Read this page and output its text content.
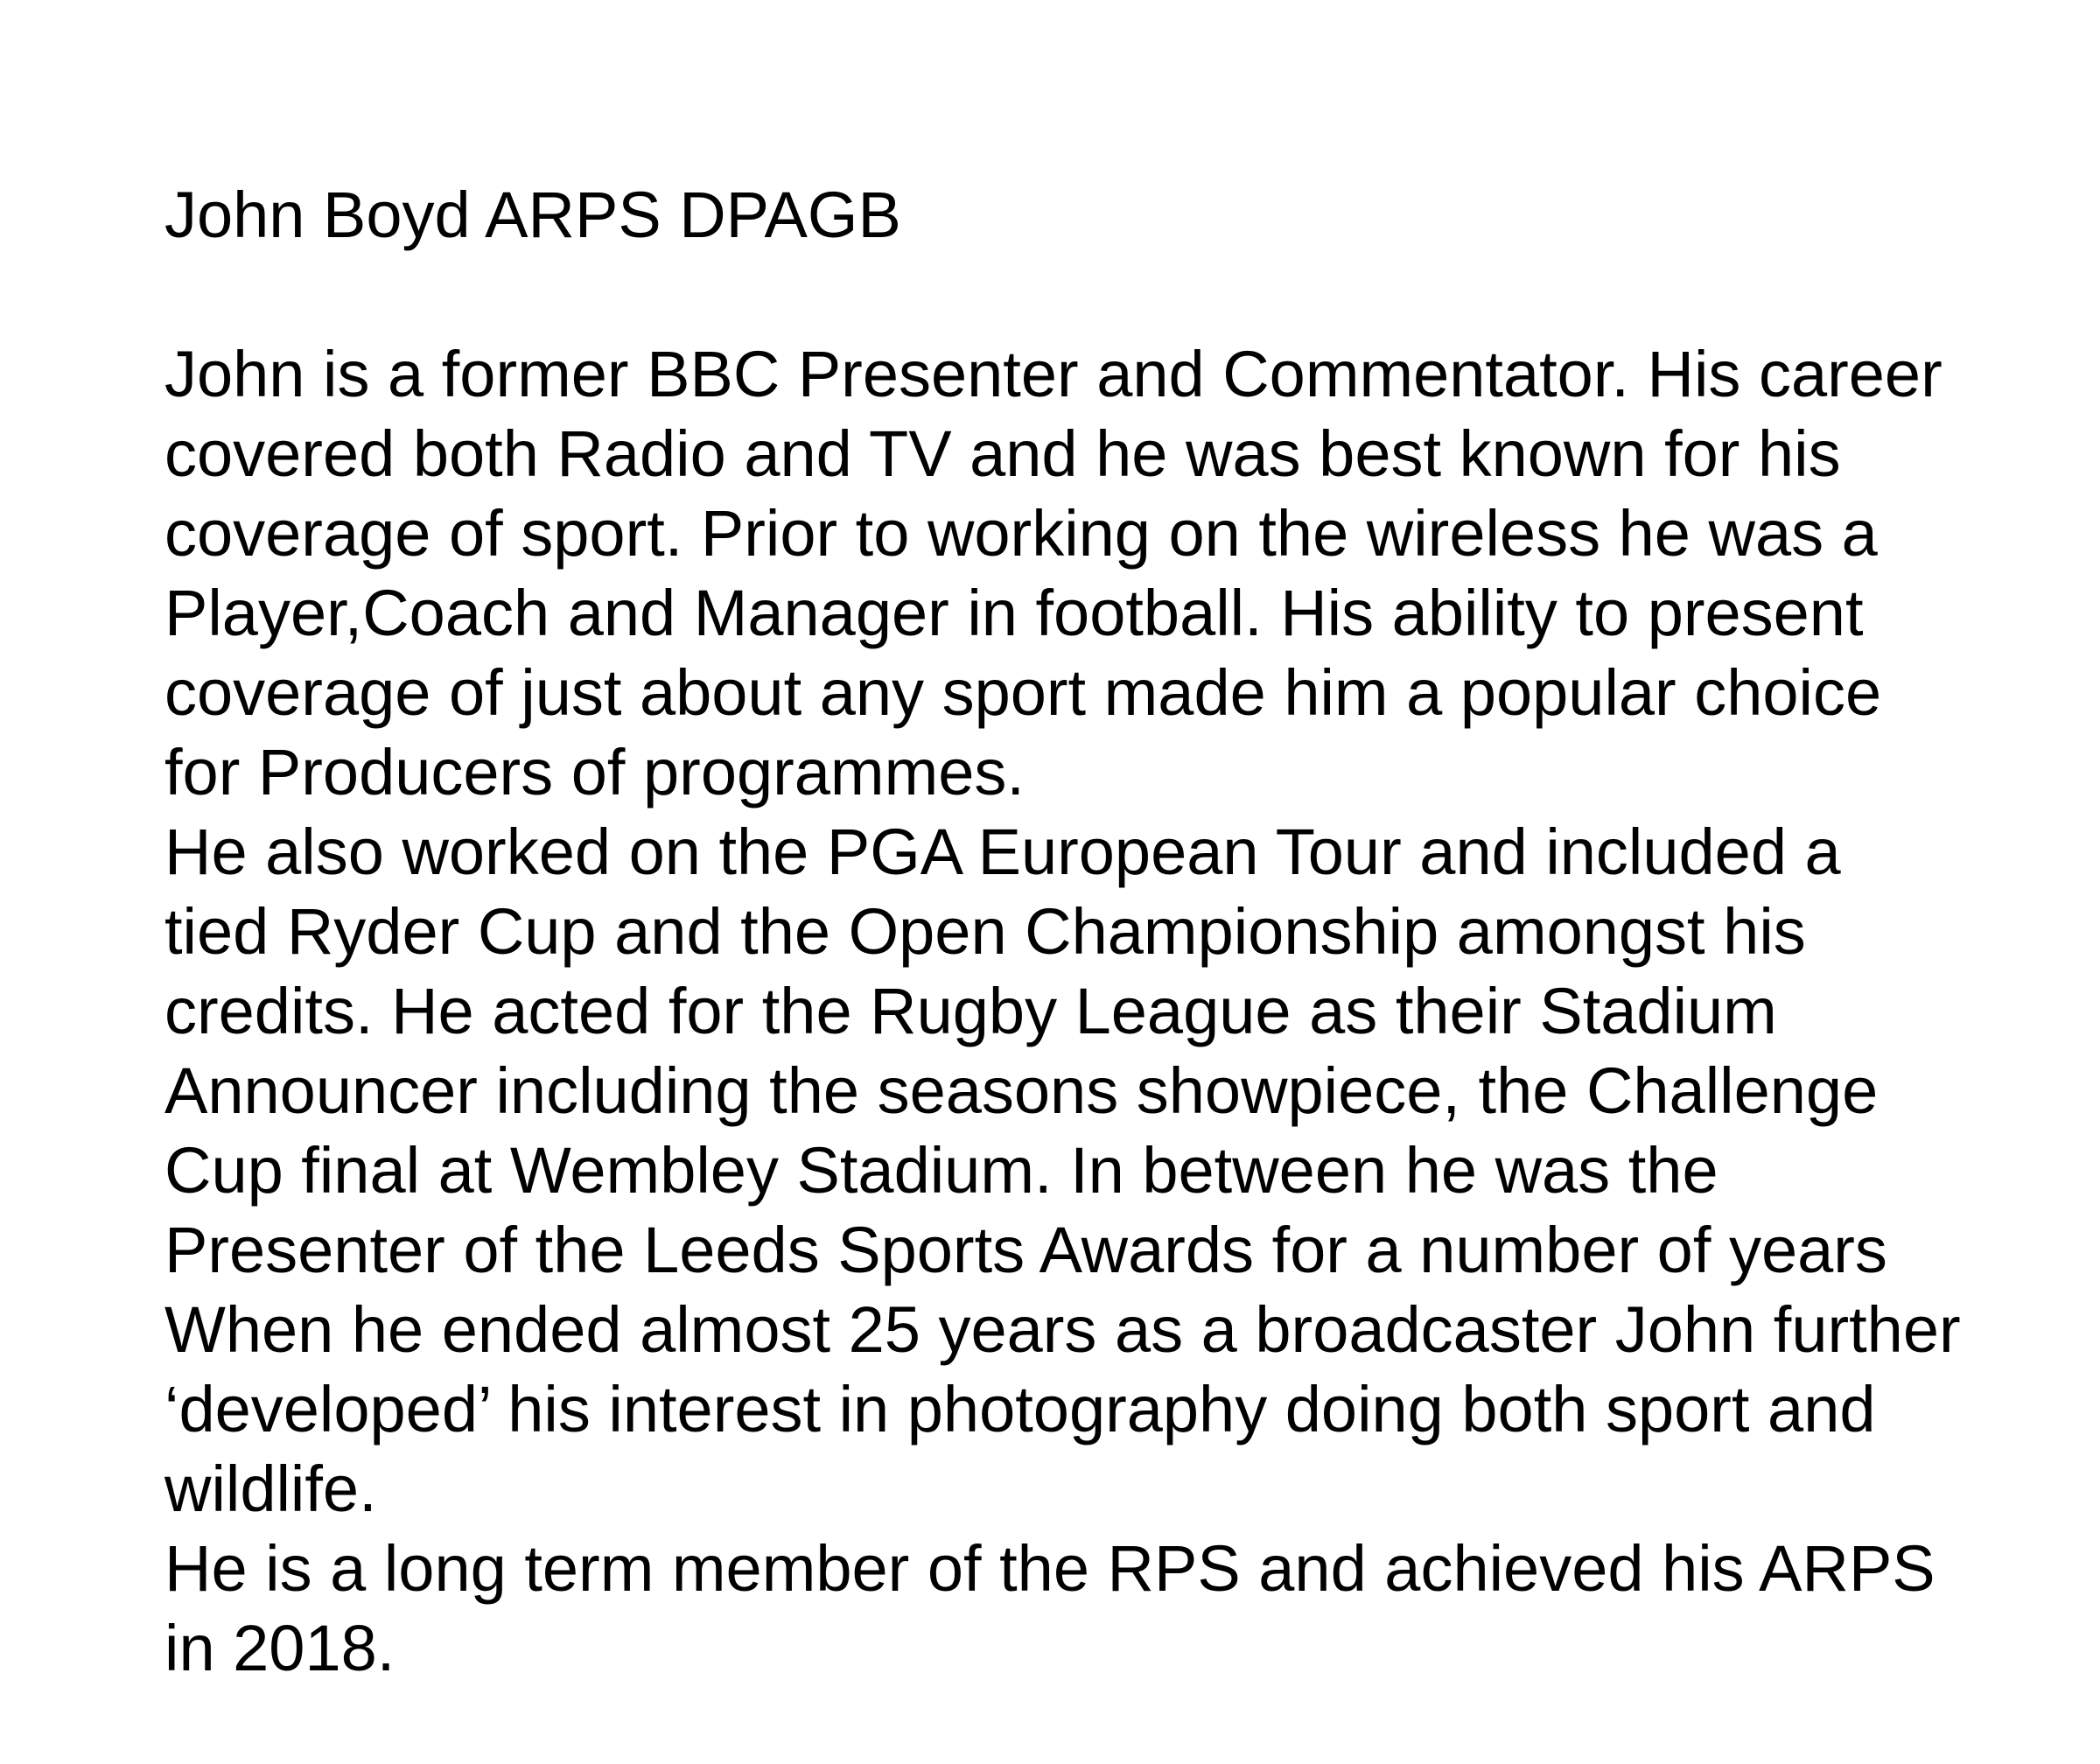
John Boyd ARPS DPAGB
John is a former BBC Presenter and Commentator. His career
covered both Radio and TV and he was best known for his
coverage of sport. Prior to working on the wireless he was a
Player,Coach and Manager in football. His ability to present
coverage of just about any sport made him a popular choice
for Producers of programmes.
He also worked on the PGA European Tour and included a
tied Ryder Cup and the Open Championship amongst his
credits. He acted for the Rugby League as their Stadium
Announcer including the seasons showpiece, the Challenge
Cup final at Wembley Stadium. In between he was the
Presenter of the Leeds Sports Awards for a number of years
When he ended almost 25 years as a broadcaster John further
‘developed’ his interest in photography doing both sport and
wildlife.
He is a long term member of the RPS and achieved his ARPS
in 2018.
